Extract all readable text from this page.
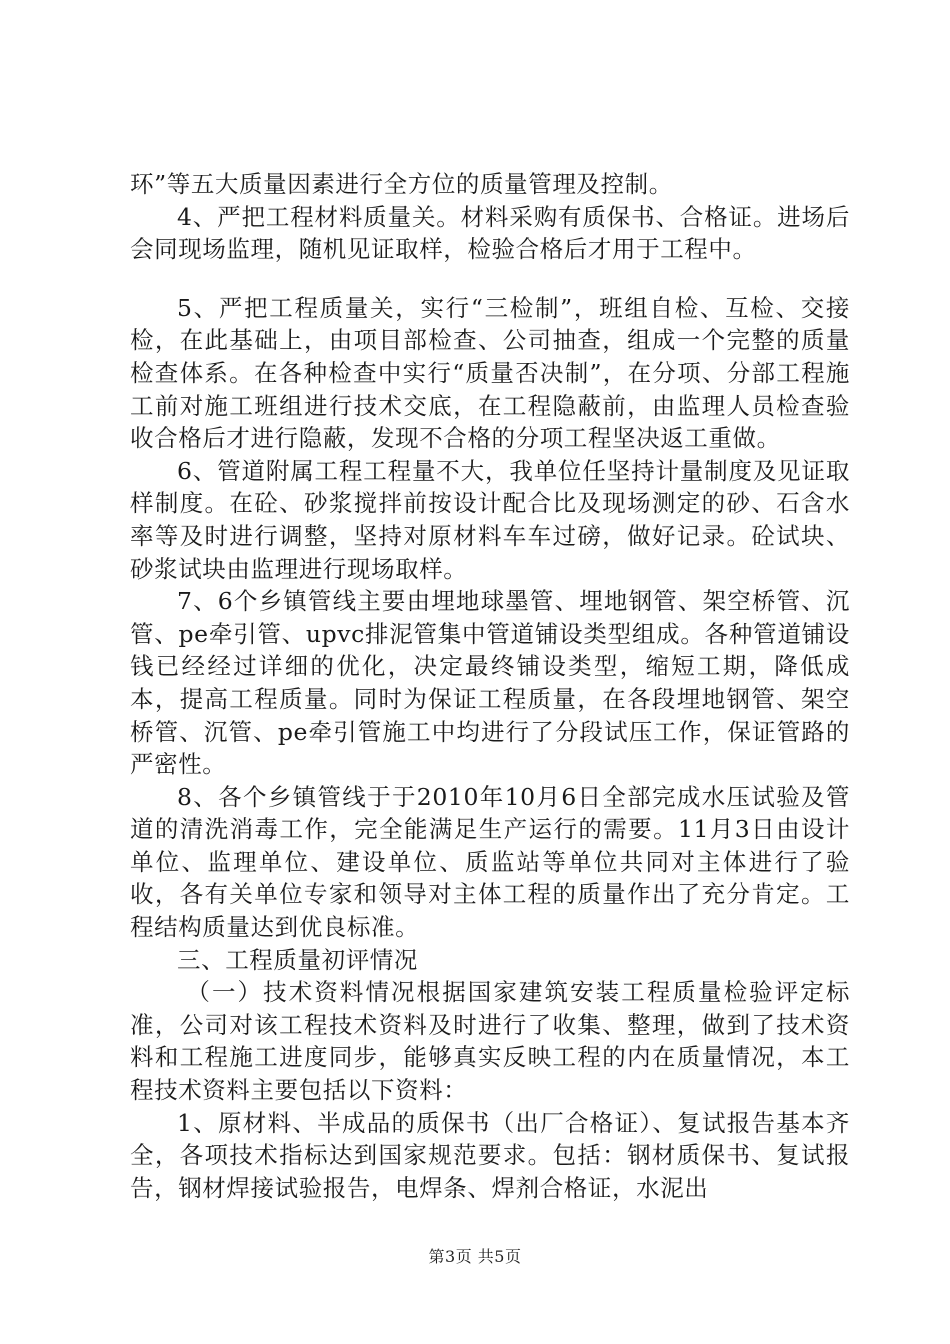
环”等五大质量因素进行全方位的质量管理及控制。

4、严把工程材料质量关。材料采购有质保书、合格证。进场后会同现场监理，随机见证取样，检验合格后才用于工程中。

5、严把工程质量关，实行“三检制”，班组自检、互检、交接检，在此基础上，由项目部检查、公司抽查，组成一个完整的质量检查体系。在各种检查中实行“质量否决制”，在分项、分部工程施工前对施工班组进行技术交底，在工程隐蔽前，由监理人员检查验收合格后才进行隐蔽，发现不合格的分项工程坚决返工重做。

6、管道附属工程工程量不大，我单位任坚持计量制度及见证取样制度。在砼、砂浆搅拌前按设计配合比及现场测定的砂、石含水率等及时进行调整，坚持对原材料车车过磅，做好记录。砼试块、砂浆试块由监理进行现场取样。

7、6个乡镇管线主要由埋地球墨管、埋地钢管、架空桥管、沉管、pe牵引管、upvc排泥管集中管道铺设类型组成。各种管道铺设钱已经经过详细的优化，决定最终铺设类型，缩短工期，降低成本，提高工程质量。同时为保证工程质量，在各段埋地钢管、架空桥管、沉管、pe牵引管施工中均进行了分段试压工作，保证管路的严密性。

8、各个乡镇管线于于2010年10月6日全部完成水压试验及管道的清洗消毒工作，完全能满足生产运行的需要。11月3日由设计单位、监理单位、建设单位、质监站等单位共同对主体进行了验收，各有关单位专家和领导对主体工程的质量作出了充分肯定。工程结构质量达到优良标准。

三、工程质量初评情况

（一）技术资料情况根据国家建筑安装工程质量检验评定标准，公司对该工程技术资料及时进行了收集、整理，做到了技术资料和工程施工进度同步，能够真实反映工程的内在质量情况，本工程技术资料主要包括以下资料：

1、原材料、半成品的质保书（出厂合格证）、复试报告基本齐全，各项技术指标达到国家规范要求。包括：钢材质保书、复试报告，钢材焊接试验报告，电焊条、焊剂合格证，水泥出

第3页 共5页
